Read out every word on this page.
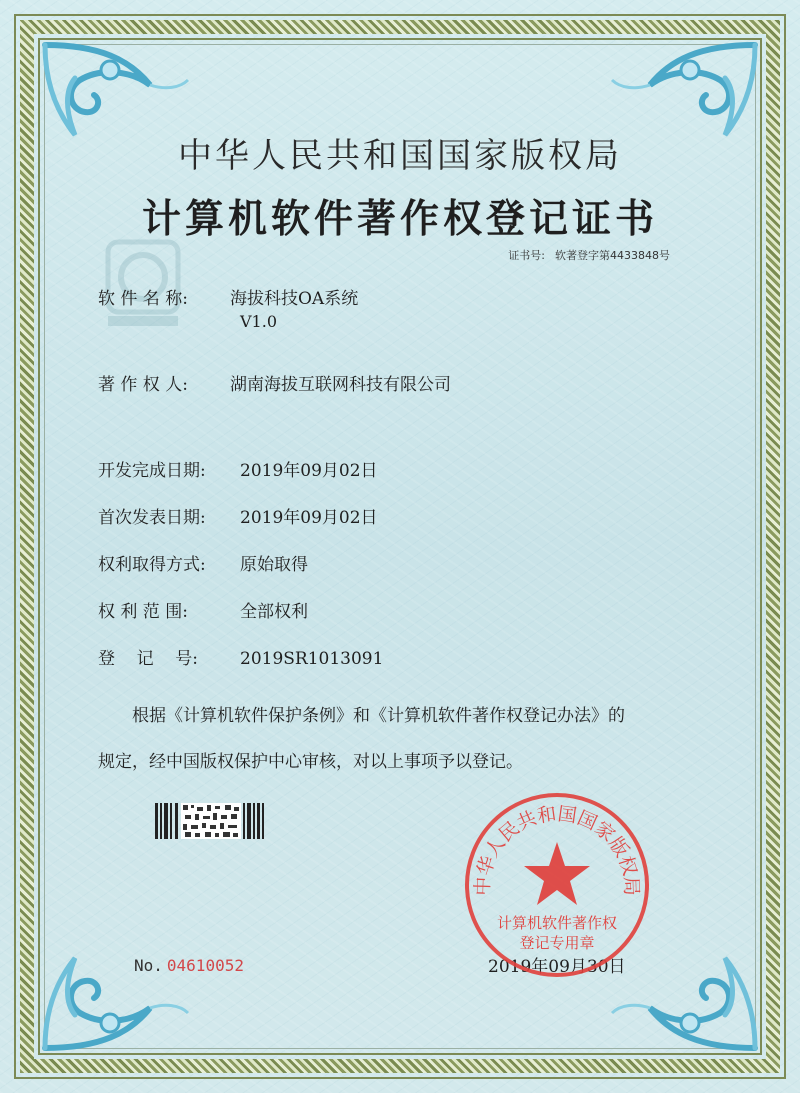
中华人民共和国国家版权局
计算机软件著作权登记证书
证书号: 软著登字第4433848号
软 件 名 称: 海拔科技OA系统
V1.0
著 作 权 人: 湖南海拔互联网科技有限公司
开发完成日期: 2019年09月02日
首次发表日期: 2019年09月02日
权利取得方式: 原始取得
权 利 范 围:	全部权利
登    记    号: 2019SR1013091
根据《计算机软件保护条例》和《计算机软件著作权登记办法》的
规定，经中国版权保护中心审核，对以上事项予以登记。
No. 04610052	2019年09月30日
中华人民共和国国家版权局
计算机软件著作权
登记专用章
